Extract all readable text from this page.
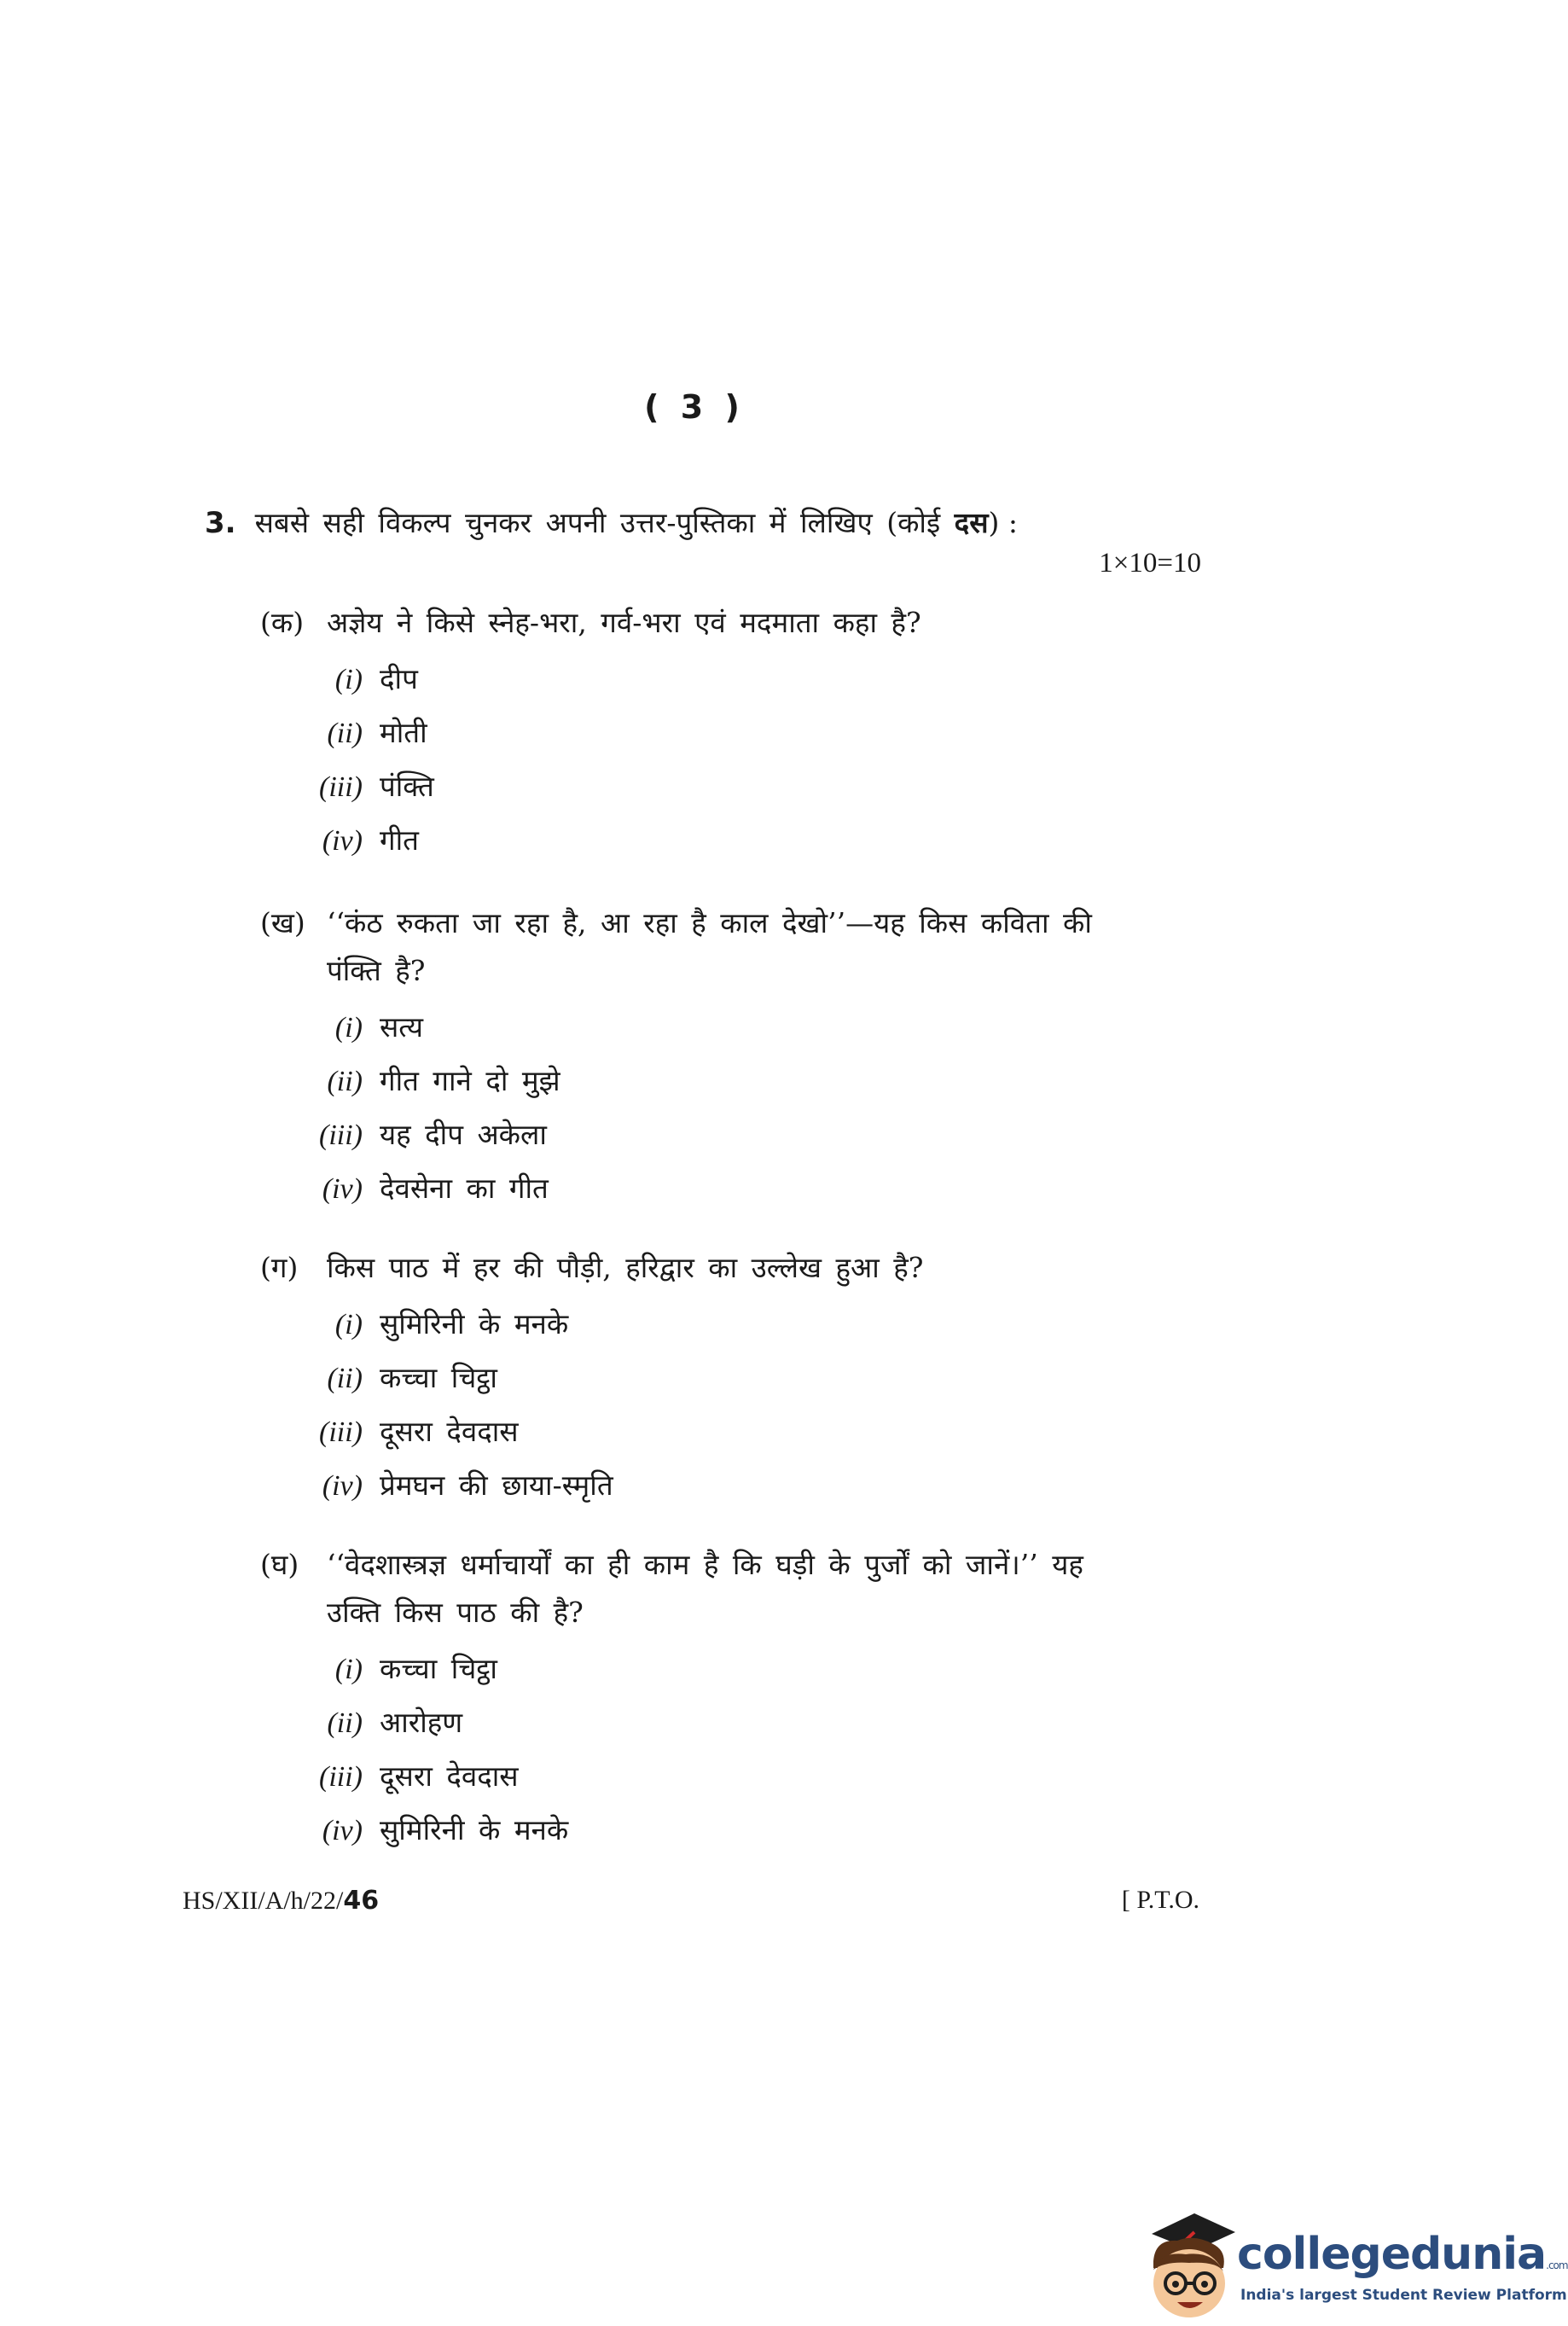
( 3 )
3. सबसे सही विकल्प चुनकर अपनी उत्तर-पुस्तिका में लिखिए (कोई दस) :
1×10=10
(क) अज्ञेय ने किसे स्नेह-भरा, गर्व-भरा एवं मदमाता कहा है?
(i) दीप
(ii) मोती
(iii) पंक्ति
(iv) गीत
(ख) ‘‘कंठ रुकता जा रहा है, आ रहा है काल देखो’’—यह किस कविता की
पंक्ति है?
(i) सत्य
(ii) गीत गाने दो मुझे
(iii) यह दीप अकेला
(iv) देवसेना का गीत
(ग) किस पाठ में हर की पौड़ी, हरिद्वार का उल्लेख हुआ है?
(i) सुमिरिनी के मनके
(ii) कच्चा चिट्ठा
(iii) दूसरा देवदास
(iv) प्रेमघन की छाया-स्मृति
(घ) ‘‘वेदशास्त्रज्ञ धर्माचार्यों का ही काम है कि घड़ी के पुर्जों को जानें।’’ यह
उक्ति किस पाठ की है?
(i) कच्चा चिट्ठा
(ii) आरोहण
(iii) दूसरा देवदास
(iv) सुमिरिनी के मनके
HS/XII/A/h/22/46	[ P.T.O.
collegedunia.com
India's largest Student Review Platform
